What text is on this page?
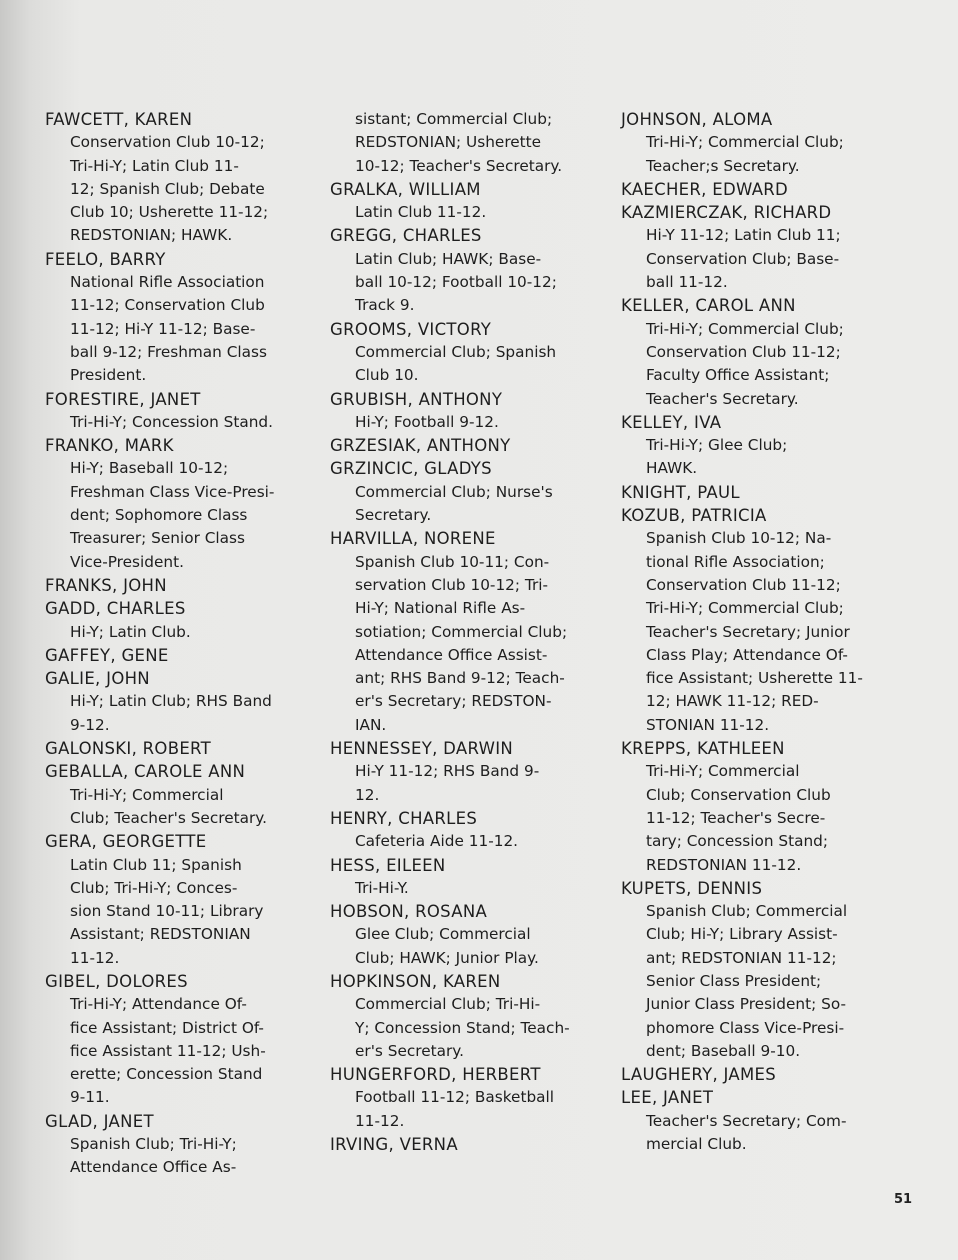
FAWCETT, KAREN
Conservation Club 10-12;
Tri-Hi-Y; Latin Club 11-
12; Spanish Club; Debate
Club 10; Usherette 11-12;
REDSTONIAN; HAWK.
FEELO, BARRY
National Rifle Association
11-12; Conservation Club
11-12; Hi-Y 11-12; Base-
ball 9-12; Freshman Class
President.
FORESTIRE, JANET
Tri-Hi-Y; Concession Stand.
FRANKO, MARK
Hi-Y; Baseball 10-12;
Freshman Class Vice-Presi-
dent; Sophomore Class
Treasurer; Senior Class
Vice-President.
FRANKS, JOHN
GADD, CHARLES
Hi-Y; Latin Club.
GAFFEY, GENE
GALIE, JOHN
Hi-Y; Latin Club; RHS Band
9-12.
GALONSKI, ROBERT
GEBALLA, CAROLE ANN
Tri-Hi-Y; Commercial
Club; Teacher's Secretary.
GERA, GEORGETTE
Latin Club 11; Spanish
Club; Tri-Hi-Y; Conces-
sion Stand 10-11; Library
Assistant; REDSTONIAN
11-12.
GIBEL, DOLORES
Tri-Hi-Y; Attendance Of-
fice Assistant; District Of-
fice Assistant 11-12; Ush-
erette; Concession Stand
9-11.
GLAD, JANET
Spanish Club; Tri-Hi-Y;
Attendance Office As-
sistant; Commercial Club;
REDSTONIAN; Usherette
10-12; Teacher's Secretary.
GRALKA, WILLIAM
Latin Club 11-12.
GREGG, CHARLES
Latin Club; HAWK; Base-
ball 10-12; Football 10-12;
Track 9.
GROOMS, VICTORY
Commercial Club; Spanish
Club 10.
GRUBISH, ANTHONY
Hi-Y; Football 9-12.
GRZESIAK, ANTHONY
GRZINCIC, GLADYS
Commercial Club; Nurse's
Secretary.
HARVILLA, NORENE
Spanish Club 10-11; Con-
servation Club 10-12; Tri-
Hi-Y; National Rifle As-
sotiation; Commercial Club;
Attendance Office Assist-
ant; RHS Band 9-12; Teach-
er's Secretary; REDSTON-
IAN.
HENNESSEY, DARWIN
Hi-Y 11-12; RHS Band 9-
12.
HENRY, CHARLES
Cafeteria Aide 11-12.
HESS, EILEEN
Tri-Hi-Y.
HOBSON, ROSANA
Glee Club; Commercial
Club; HAWK; Junior Play.
HOPKINSON, KAREN
Commercial Club; Tri-Hi-
Y; Concession Stand; Teach-
er's Secretary.
HUNGERFORD, HERBERT
Football 11-12; Basketball
11-12.
IRVING, VERNA
JOHNSON, ALOMA
Tri-Hi-Y; Commercial Club;
Teacher;s Secretary.
KAECHER, EDWARD
KAZMIERCZAK, RICHARD
Hi-Y 11-12; Latin Club 11;
Conservation Club; Base-
ball 11-12.
KELLER, CAROL ANN
Tri-Hi-Y; Commercial Club;
Conservation Club 11-12;
Faculty Office Assistant;
Teacher's Secretary.
KELLEY, IVA
Tri-Hi-Y; Glee Club;
HAWK.
KNIGHT, PAUL
KOZUB, PATRICIA
Spanish Club 10-12; Na-
tional Rifle Association;
Conservation Club 11-12;
Tri-Hi-Y; Commercial Club;
Teacher's Secretary; Junior
Class Play; Attendance Of-
fice Assistant; Usherette 11-
12; HAWK 11-12; RED-
STONIAN 11-12.
KREPPS, KATHLEEN
Tri-Hi-Y; Commercial
Club; Conservation Club
11-12; Teacher's Secre-
tary; Concession Stand;
REDSTONIAN 11-12.
KUPETS, DENNIS
Spanish Club; Commercial
Club; Hi-Y; Library Assist-
ant; REDSTONIAN 11-12;
Senior Class President;
Junior Class President; So-
phomore Class Vice-Presi-
dent; Baseball 9-10.
LAUGHERY, JAMES
LEE, JANET
Teacher's Secretary; Com-
mercial Club.
51
